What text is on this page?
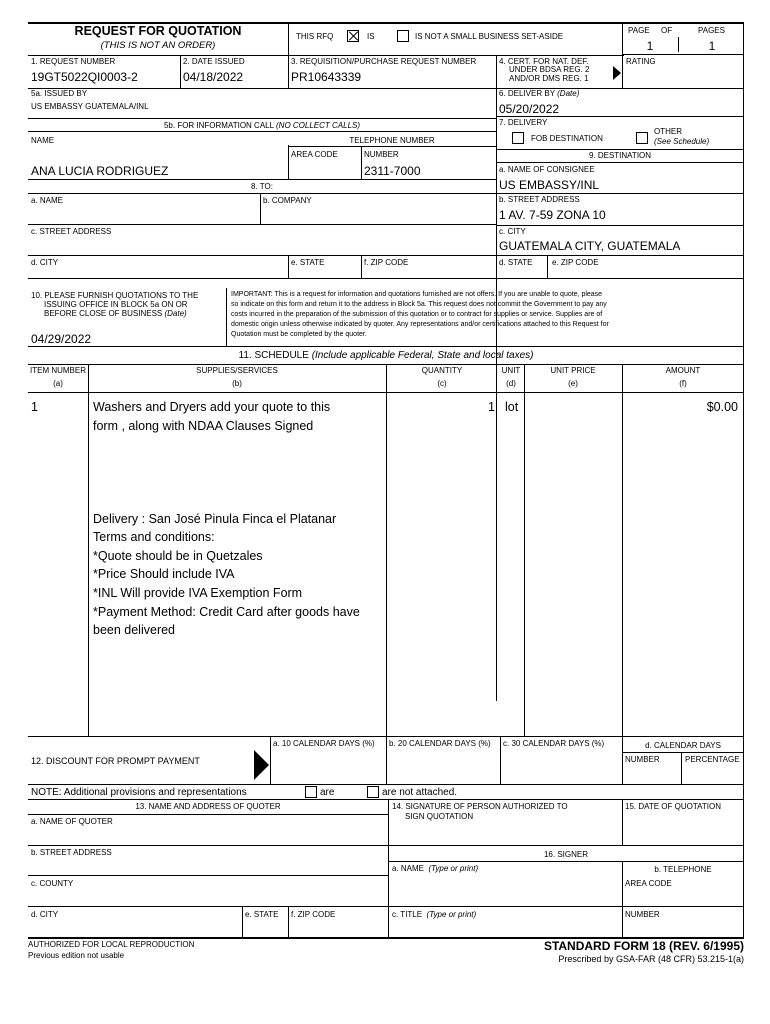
REQUEST FOR QUOTATION
(THIS IS NOT AN ORDER)
THIS RFQ	IS	IS NOT A SMALL BUSINESS SET-ASIDE
PAGE OF	PAGES
1	1
1. REQUEST NUMBER
19GT5022QI0003-2
2. DATE ISSUED
04/18/2022
3. REQUISITION/PURCHASE REQUEST NUMBER
PR10643339
4. CERT. FOR NAT. DEF.
UNDER BDSA REG. 2
AND/OR DMS REG. 1
RATING
5a. ISSUED BY
US EMBASSY GUATEMALA/INL
6. DELIVER BY (Date)
05/20/2022
5b. FOR INFORMATION CALL (NO COLLECT CALLS)
NAME	TELEPHONE NUMBER
AREA CODE	NUMBER
ANA LUCIA RODRIGUEZ	2311-7000
7. DELIVERY
FOB DESTINATION
OTHER
(See Schedule)
9. DESTINATION
a. NAME OF CONSIGNEE
US EMBASSY/INL
b. STREET ADDRESS
1 AV. 7-59 ZONA 10
c. CITY
GUATEMALA CITY, GUATEMALA
d. STATE e. ZIP CODE
8. TO:
a. NAME	b. COMPANY
c. STREET ADDRESS
d. CITY	e. STATE	f. ZIP CODE
10. PLEASE FURNISH QUOTATIONS TO THE
ISSUING OFFICE IN BLOCK 5a ON OR
BEFORE CLOSE OF BUSINESS (Date)
04/29/2022
IMPORTANT: This is a request for information and quotations furnished are not offers. If you are unable to quote, please
so indicate on this form and return it to the address in Block 5a. This request does not commit the Government to pay any
costs incurred in the preparation of the submission of this quotation or to contract for supplies or service. Supplies are of
domestic origin unless otherwise indicated by quoter. Any representations and/or certifications attached to this Request for
Quotation must be completed by the quoter.
11. SCHEDULE (Include applicable Federal, State and local taxes)
ITEM NUMBER
(a)
SUPPLIES/SERVICES
(b)
QUANTITY
(c)
UNIT
(d)
UNIT PRICE
(e)
AMOUNT
(f)
1	Washers and Dryers add your quote to this
form , along with NDAA Clauses Signed

Delivery : San José Pinula Finca el Platanar
Terms and conditions:
*Quote should be in Quetzales
*Price Should include IVA
*INL Will provide IVA Exemption Form
*Payment Method: Credit Card after goods have
been delivered
1 lot	$0.00
12. DISCOUNT FOR PROMPT PAYMENT
a. 10 CALENDAR DAYS (%) b. 20 CALENDAR DAYS (%) c. 30 CALENDAR DAYS (%)	d. CALENDAR DAYS
NUMBER	PERCENTAGE
NOTE: Additional provisions and representations	are	are not attached.
13. NAME AND ADDRESS OF QUOTER
a. NAME OF QUOTER
b. STREET ADDRESS
c. COUNTY
d. CITY	e. STATE f. ZIP CODE
14. SIGNATURE OF PERSON AUTHORIZED TO
SIGN QUOTATION
15. DATE OF QUOTATION
16. SIGNER
a. NAME (Type or print)	b. TELEPHONE
AREA CODE
c. TITLE (Type or print)	NUMBER
AUTHORIZED FOR LOCAL REPRODUCTION
Previous edition not usable
STANDARD FORM 18 (REV. 6/1995)
Prescribed by GSA-FAR (48 CFR) 53.215-1(a)
